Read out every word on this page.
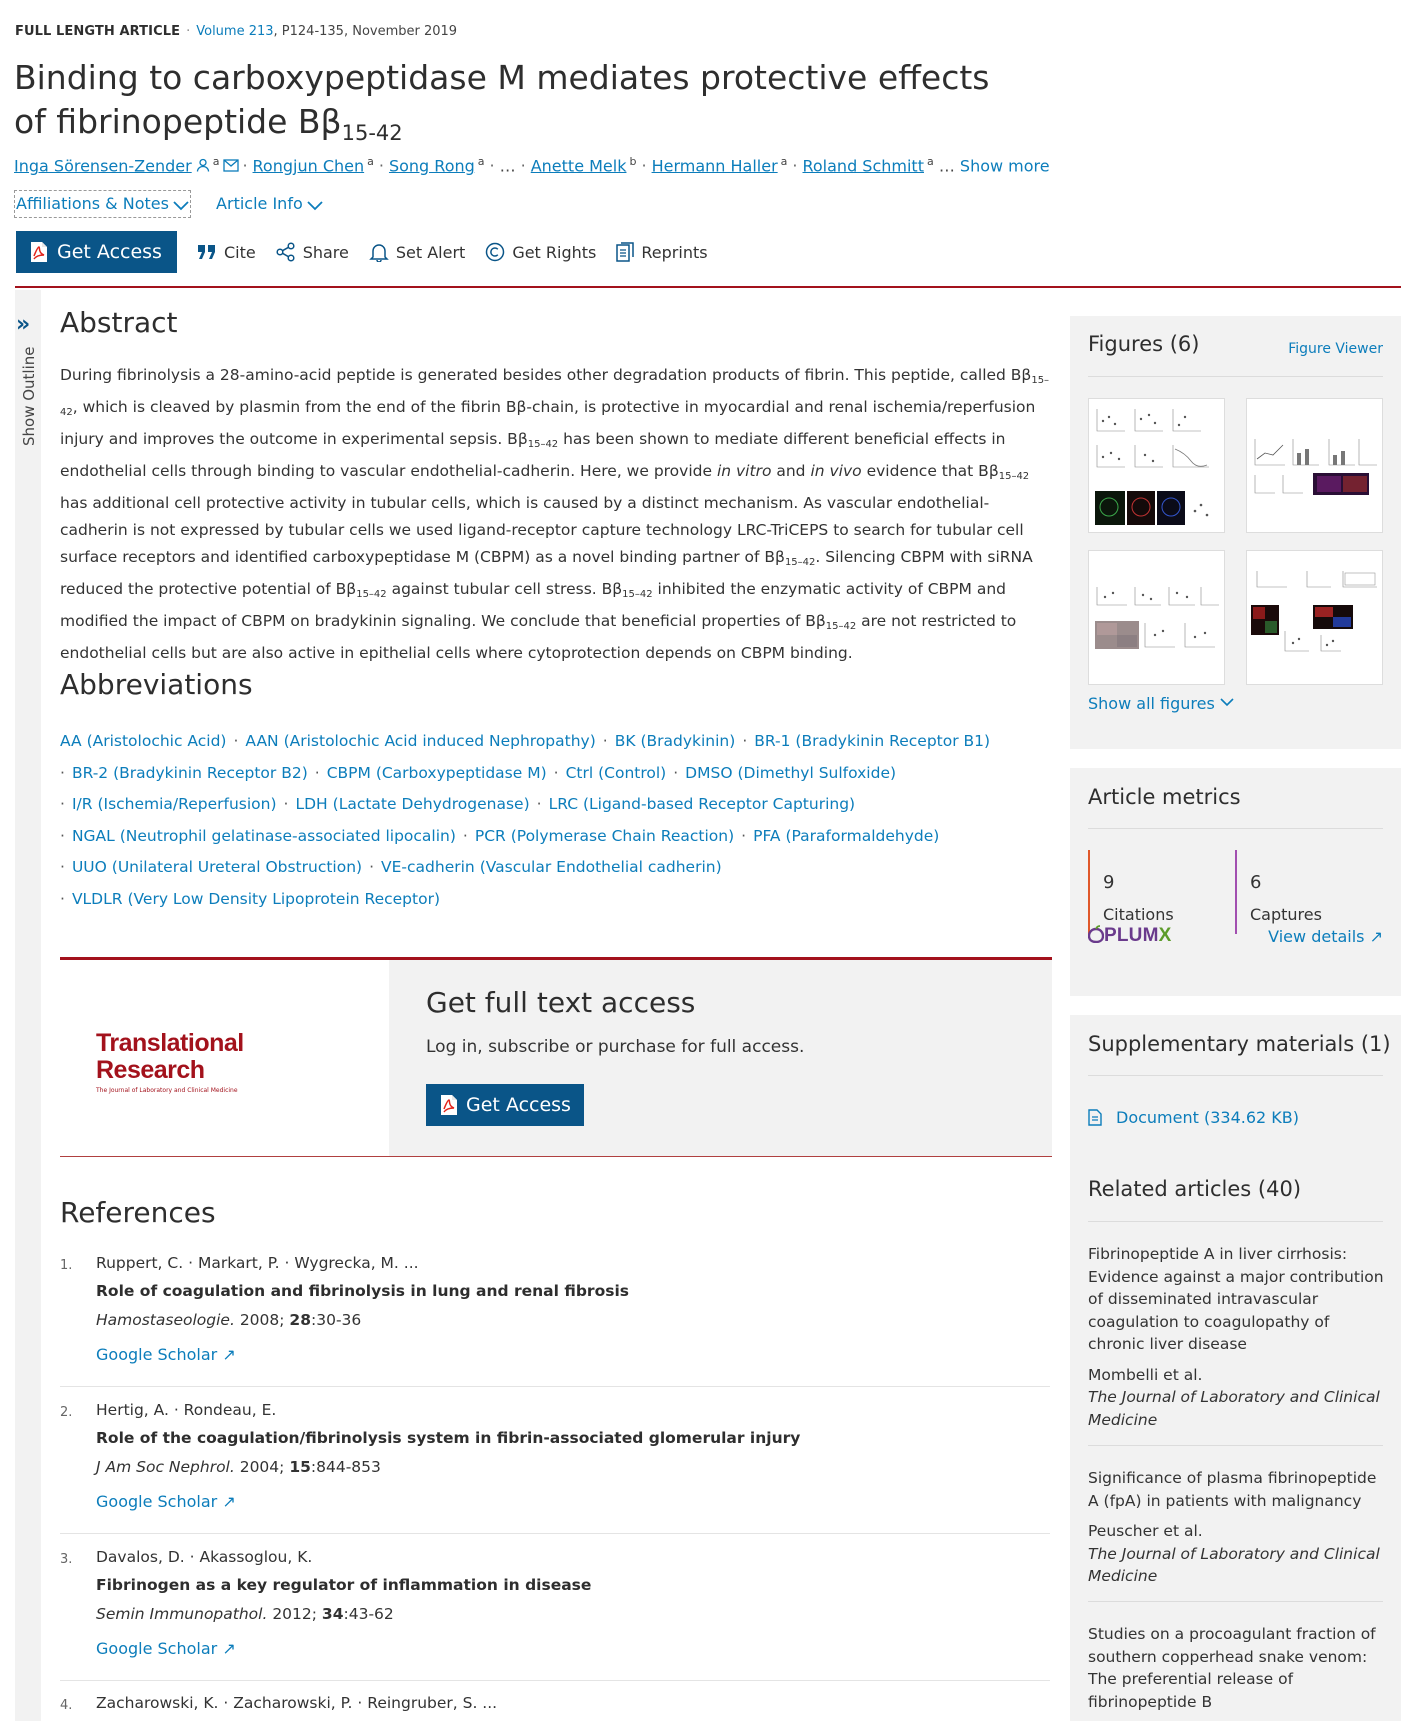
FULL LENGTH ARTICLE · Volume 213, P124-135, November 2019
Binding to carboxypeptidase M mediates protective effects of fibrinopeptide $B\beta_{15-42}$
Inga Sörensen-Zender $^a$ · Rongjun Chen $^a$ · Song Rong $^a$ · … · Anette Melk $^b$ · Hermann Haller $^a$ · Roland Schmitt $^a$ … Show more
Affiliations & Notes	Article Info
Get Access	Cite	Share	Set Alert	Get Rights	Reprints
»
Show Outline
Abstract
During fibrinolysis a 28-amino-acid peptide is generated besides other degradation products of fibrin. This peptide, called $B\beta_{15-42}$, which is cleaved by plasmin from the end of the fibrin Bβ-chain, is protective in myocardial and renal ischemia/reperfusion injury and improves the outcome in experimental sepsis. $B\beta_{15-42}$ has been shown to mediate different beneficial effects in endothelial cells through binding to vascular endothelial-cadherin. Here, we provide in vitro and in vivo evidence that $B\beta_{15-42}$ has additional cell protective activity in tubular cells, which is caused by a distinct mechanism. As vascular endothelial-cadherin is not expressed by tubular cells we used ligand-receptor capture technology LRC-TriCEPS to search for tubular cell surface receptors and identified carboxypeptidase M (CBPM) as a novel binding partner of $B\beta_{15-42}$. Silencing CBPM with siRNA reduced the protective potential of $B\beta_{15-42}$ against tubular cell stress. $B\beta_{15-42}$ inhibited the enzymatic activity of CBPM and modified the impact of CBPM on bradykinin signaling. We conclude that beneficial properties of $B\beta_{15-42}$ are not restricted to endothelial cells but are also active in epithelial cells where cytoprotection depends on CBPM binding.
Abbreviations
AA (Aristolochic Acid) · AAN (Aristolochic Acid induced Nephropathy) · BK (Bradykinin) · BR-1 (Bradykinin Receptor B1)
· BR-2 (Bradykinin Receptor B2) · CBPM (Carboxypeptidase M) · Ctrl (Control) · DMSO (Dimethyl Sulfoxide)
· I/R (Ischemia/Reperfusion) · LDH (Lactate Dehydrogenase) · LRC (Ligand-based Receptor Capturing)
· NGAL (Neutrophil gelatinase-associated lipocalin) · PCR (Polymerase Chain Reaction) · PFA (Paraformaldehyde)
· UUO (Unilateral Ureteral Obstruction) · VE-cadherin (Vascular Endothelial cadherin)
· VLDLR (Very Low Density Lipoprotein Receptor)
Translational
Research
The Journal of Laboratory and Clinical Medicine
Get full text access
Log in, subscribe or purchase for full access.
Get Access
References
1. Ruppert, C. · Markart, P. · Wygrecka, M. ...
Role of coagulation and fibrinolysis in lung and renal fibrosis
Hamostaseologie. 2008; 28:30-36
Google Scholar ↗
2. Hertig, A. · Rondeau, E.
Role of the coagulation/fibrinolysis system in fibrin-associated glomerular injury
J Am Soc Nephrol. 2004; 15:844-853
Google Scholar ↗
3. Davalos, D. · Akassoglou, K.
Fibrinogen as a key regulator of inflammation in disease
Semin Immunopathol. 2012; 34:43-62
Google Scholar ↗
4. Zacharowski, K. · Zacharowski, P. · Reingruber, S. ...
Figures (6)	Figure Viewer
Show all figures
Article metrics
9
Citations
6
Captures
PLUMX	View details ↗
Supplementary materials (1)
Document (334.62 KB)
Related articles (40)
Fibrinopeptide A in liver cirrhosis: Evidence against a major contribution of disseminated intravascular coagulation to coagulopathy of chronic liver disease
Mombelli et al.
The Journal of Laboratory and Clinical Medicine
Significance of plasma fibrinopeptide A (fpA) in patients with malignancy
Peuscher et al.
The Journal of Laboratory and Clinical Medicine
Studies on a procoagulant fraction of southern copperhead snake venom: The preferential release of fibrinopeptide B
